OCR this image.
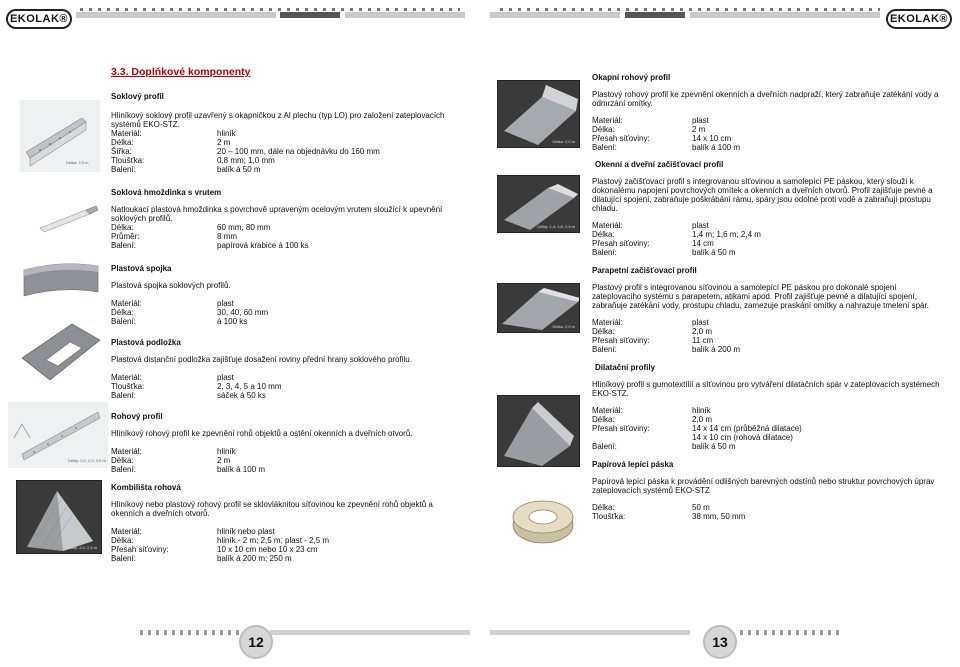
EKOLAK®	EKOLAK®
Délka: 2,5 m
Délky: 2,0; 2,5; 3,0 m
Délky: 2,0; 2,5 m
3.3. Doplňkové komponenty

Soklový profil

Hliníkový soklový profil uzavřený s okapničkou z Al plechu (typ LO) pro založení zateplovacích systémů EKO-STZ.

Materiál:	hliník
Délka:	2 m
Šířka:	20 – 100 mm, dále na objednávku do 160 mm
Tloušťka:	0,8 mm; 1,0 mm
Balení:	balík á 50 m

Soklová hmoždinka s vrutem

Natloukací plastová hmoždinka s povrchově upraveným ocelovým vrutem sloužící k upevnění soklových profilů.

Délka:	60 mm, 80 mm
Průměr:	8 mm
Balení:	papírová krabice á 100 ks

Plastová spojka

Plastová spojka soklových profilů.

Materiál:	plast
Délka:	30, 40, 60 mm
Balení:	á 100 ks

Plastová podložka

Plastová distanční podložka zajišťuje dosažení roviny přední hrany soklového profilu.

Materiál:	plast
Tloušťka:	2, 3, 4, 5 a 10 mm
Balení:	sáček á 50 ks

Rohový profil

Hliníkový rohový profil ke zpevnění rohů objektů a ostění okenních a dveřních otvorů.

Materiál:	hliník
Délka:	2 m
Balení:	balík á 100 m

Kombilišta rohová

Hliníkový nebo plastový rohový profil se sklovláknitou síťovinou ke zpevnění rohů objektů a okenních a dveřních otvorů.

Materiál:	hliník nebo plast
Délka:	hliník - 2 m; 2,5 m; plast - 2,5 m
Přesah síťoviny:	10 x 10 cm nebo 10 x 23 cm
Balení:	balík á 200 m; 250 m
Délka: 2,0 m
Délky: 1,4; 1,6; 2,4 m
Délka: 2,0 m

Okapní rohový profil

Plastový rohový profil ke zpevnění okenních a dveřních nadpraží, který zabraňuje zatékání vody a odmrzání omítky.

Materiál:	plast
Délka:	2 m
Přesah síťoviny:	14 x 10 cm
Balení:	balík á 100 m

Okenní a dveřní začišťovací profil

Plastový začišťovací profil s integrovanou síťovinou a samolepící PE páskou, který slouží k dokonalému napojení povrchových omítek a okenních a dveřních otvorů. Profil zajišťuje pevné a dilatující spojení, zabraňuje poškrábání rámu, spáry jsou odolné proti vodě a zabraňují prostupu chladu.

Materiál:	plast
Délka:	1,4 m; 1,6 m; 2,4 m
Přesah síťoviny:	14 cm
Balení:	balík á 50 m

Parapetní začišťovací profil

Plastový profil s integrovanou síťovinou a samolepící PE páskou pro dokonalé spojení zateplovacího systému s parapetem, atikami apod. Profil zajišťuje pevné a dilatující spojení, zabraňuje zatékání vody, prostupu chladu, zamezuje praskání omítky a nahrazuje tmelení spár.

Materiál:	plast
Délka:	2,0 m
Přesah síťoviny:	11 cm
Balení:	balík á 200 m

Dilatační profily

Hliníkový profil s gumotextílií a síťovinou pro vytváření dilatačních spár v zateplovacích systémech EKO-STZ.

Materiál:	hliník
Délka:	2,0 m
Přesah síťoviny:	14 x 14 cm (průběžná dilatace)
14 x 10 cm (rohová dilatace)
Balení:	balík á 50 m

Papírová lepící páska

Papírová lepící páska k provádění odlišných barevných odstínů nebo struktur povrchových úprav zateplovacích systémů EKO-STZ

Délka:	50 m
Tloušťka:	38 mm, 50 mm
12	13
